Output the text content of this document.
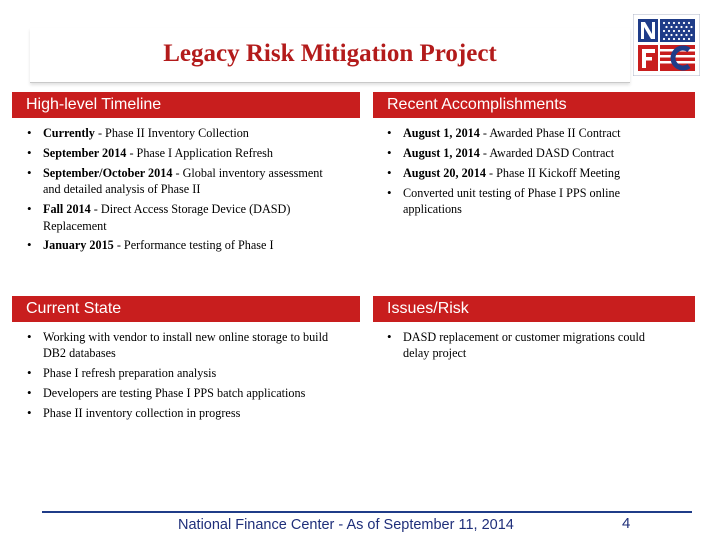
Legacy Risk Mitigation Project
High-level Timeline
• Currently - Phase II Inventory Collection
• September 2014 - Phase I Application Refresh
• September/October 2014 - Global inventory assessment and detailed analysis of Phase II
• Fall 2014 - Direct Access Storage Device (DASD) Replacement
• January 2015 - Performance testing of Phase I
Recent Accomplishments
• August 1, 2014 - Awarded Phase II Contract
• August 1, 2014 - Awarded DASD Contract
• August 20, 2014 - Phase II Kickoff Meeting
• Converted unit testing of Phase I PPS online applications
Current State
• Working with vendor to install new online storage to build DB2 databases
• Phase I refresh preparation analysis
• Developers are testing Phase I PPS batch applications
• Phase II inventory collection in progress
Issues/Risk
• DASD replacement or customer migrations could delay project
National Finance Center - As of September 11, 2014	4
